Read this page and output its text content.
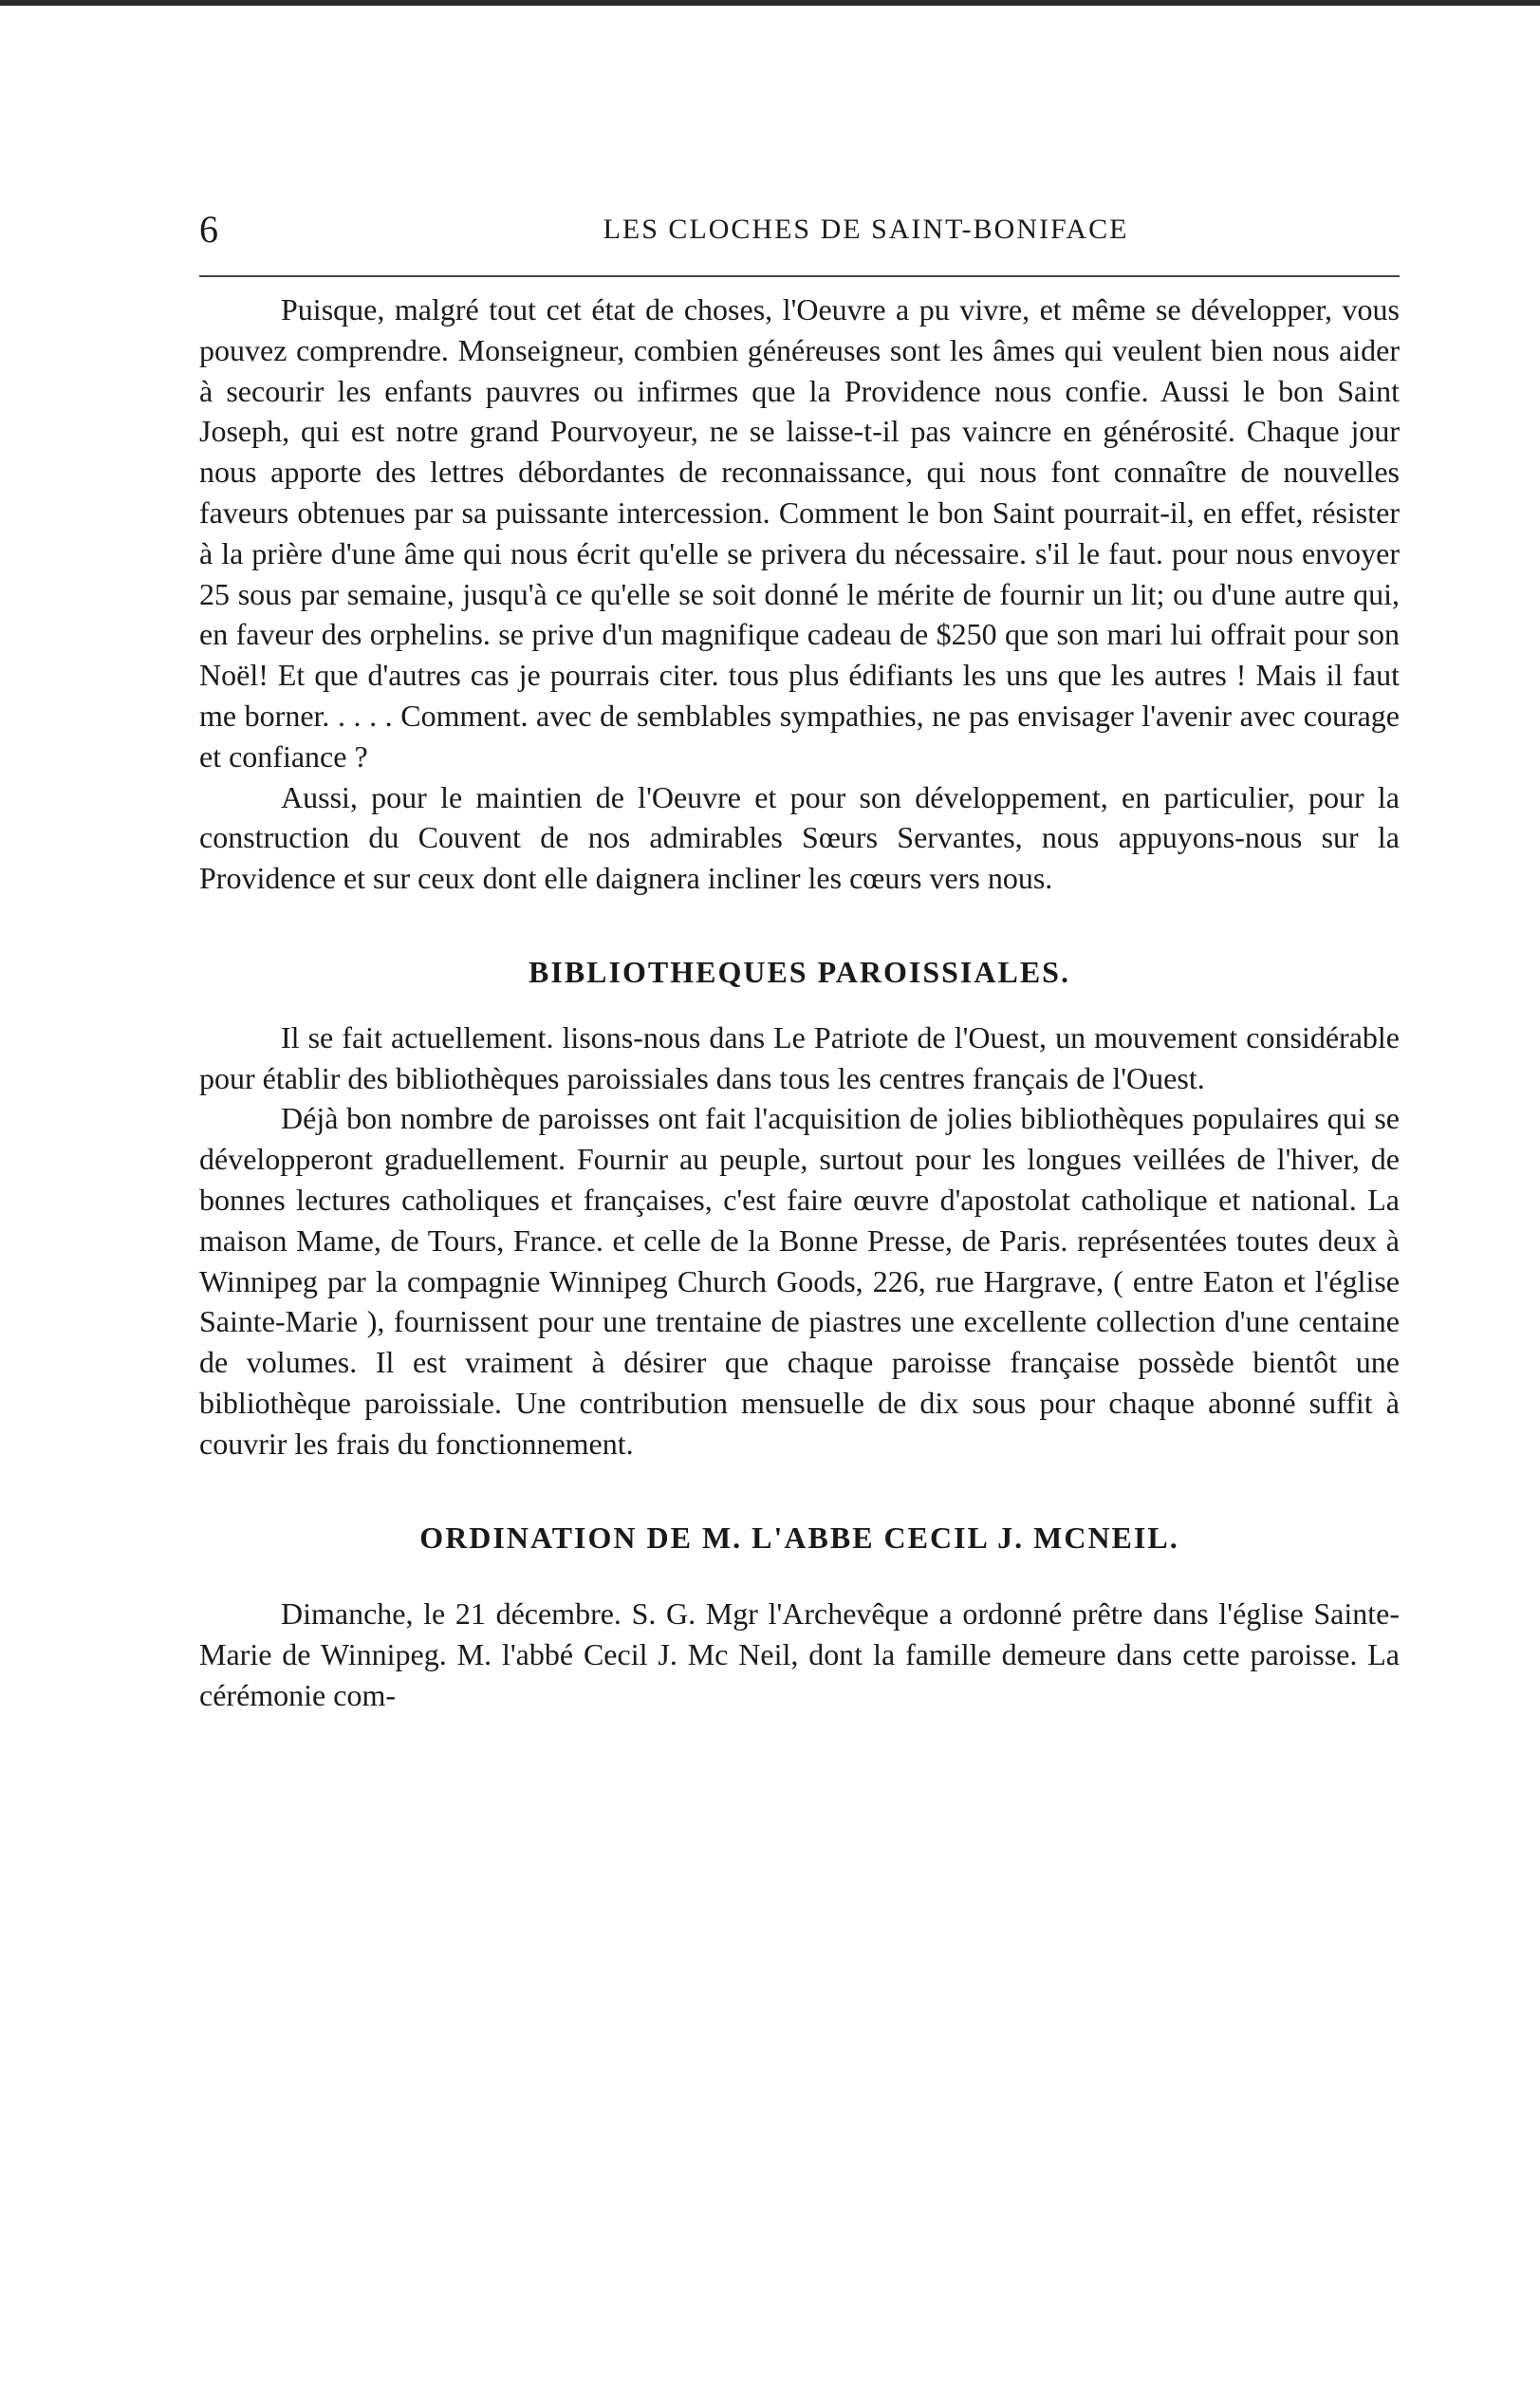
6	LES CLOCHES DE SAINT-BONIFACE

Puisque, malgré tout cet état de choses, l'Oeuvre a pu vivre, et même se développer, vous pouvez comprendre. Monseigneur, combien généreuses sont les âmes qui veulent bien nous aider à secourir les enfants pauvres ou infirmes que la Providence nous confie. Aussi le bon Saint Joseph, qui est notre grand Pourvoyeur, ne se laisse-t-il pas vaincre en générosité. Chaque jour nous apporte des lettres débordantes de reconnaissance, qui nous font connaître de nouvelles faveurs obtenues par sa puissante intercession. Comment le bon Saint pourrait-il, en effet, résister à la prière d'une âme qui nous écrit qu'elle se privera du nécessaire. s'il le faut. pour nous envoyer 25 sous par semaine, jusqu'à ce qu'elle se soit donné le mérite de fournir un lit; ou d'une autre qui, en faveur des orphelins. se prive d'un magnifique cadeau de $250 que son mari lui offrait pour son Noël! Et que d'autres cas je pourrais citer. tous plus édifiants les uns que les autres ! Mais il faut me borner. . . . . Comment. avec de semblables sympathies, ne pas envisager l'avenir avec courage et confiance ?

Aussi, pour le maintien de l'Oeuvre et pour son développement, en particulier, pour la construction du Couvent de nos admirables Sœurs Servantes, nous appuyons-nous sur la Providence et sur ceux dont elle daignera incliner les cœurs vers nous.

BIBLIOTHEQUES PAROISSIALES.

Il se fait actuellement. lisons-nous dans Le Patriote de l'Ouest, un mouvement considérable pour établir des bibliothèques paroissiales dans tous les centres français de l'Ouest.

Déjà bon nombre de paroisses ont fait l'acquisition de jolies bibliothèques populaires qui se développeront graduellement. Fournir au peuple, surtout pour les longues veillées de l'hiver, de bonnes lectures catholiques et françaises, c'est faire œuvre d'apostolat catholique et national. La maison Mame, de Tours, France. et celle de la Bonne Presse, de Paris. représentées toutes deux à Winnipeg par la compagnie Winnipeg Church Goods, 226, rue Hargrave, ( entre Eaton et l'église Sainte-Marie ), fournissent pour une trentaine de piastres une excellente collection d'une centaine de volumes. Il est vraiment à désirer que chaque paroisse française possède bientôt une bibliothèque paroissiale. Une contribution mensuelle de dix sous pour chaque abonné suffit à couvrir les frais du fonctionnement.

ORDINATION DE M. L'ABBE CECIL J. MCNEIL.

Dimanche, le 21 décembre. S. G. Mgr l'Archevêque a ordonné prêtre dans l'église Sainte-Marie de Winnipeg. M. l'abbé Cecil J. Mc Neil, dont la famille demeure dans cette paroisse. La cérémonie com-
